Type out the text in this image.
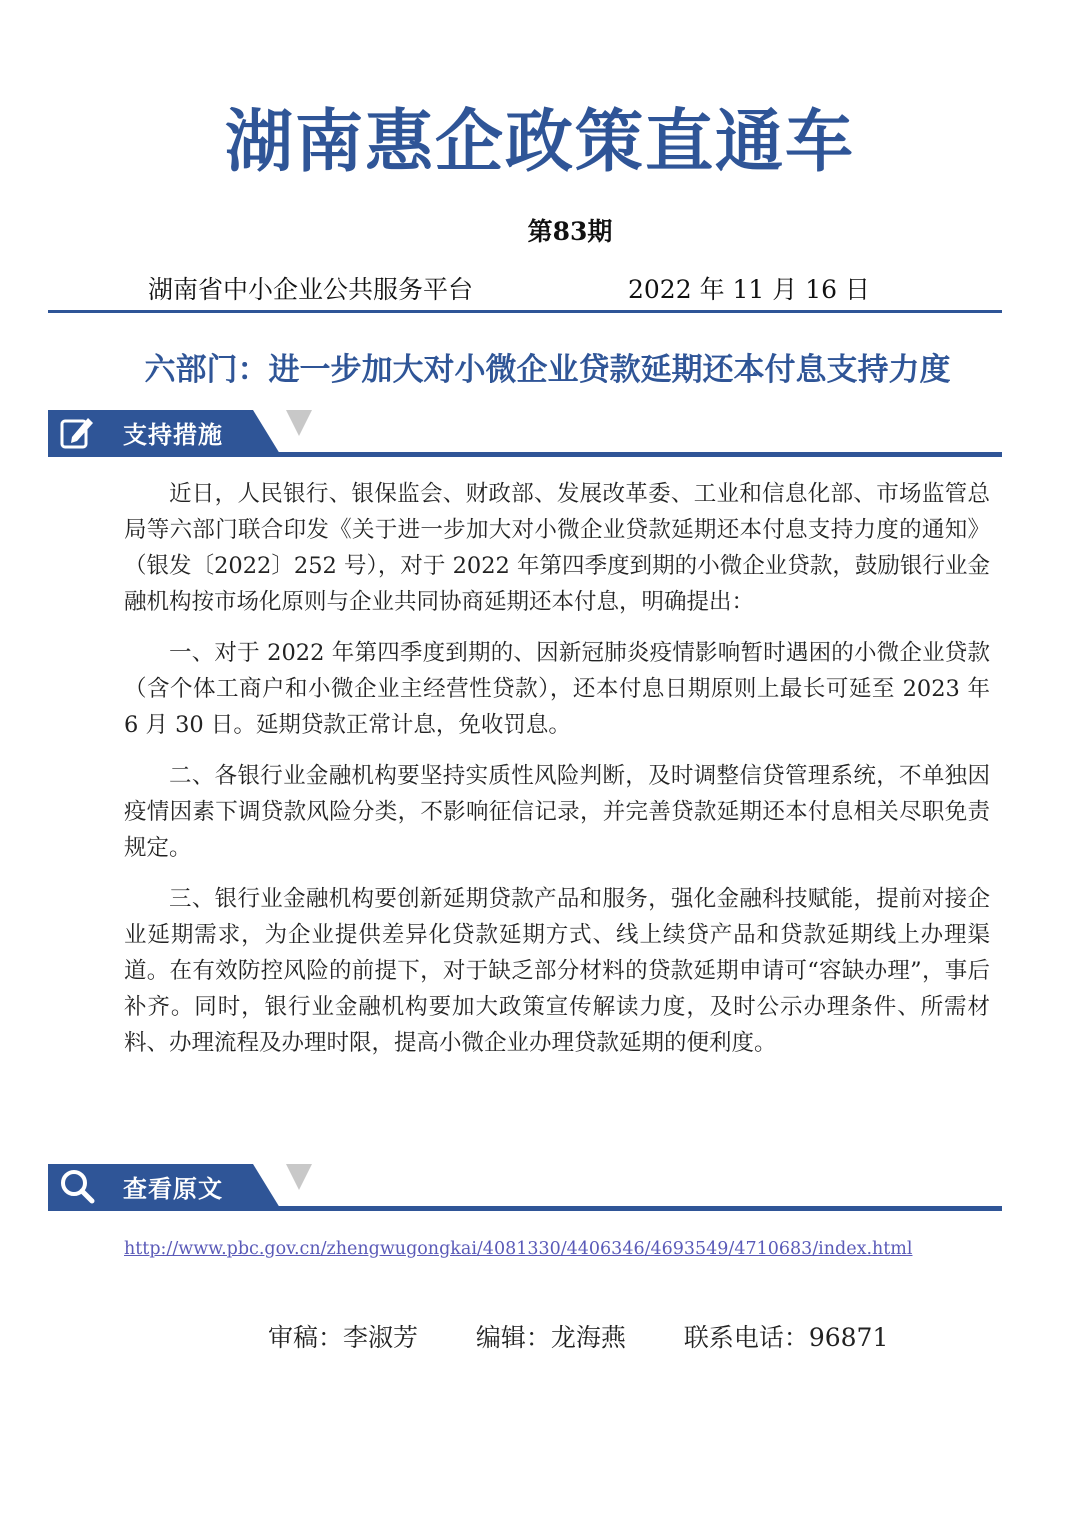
湖南惠企政策直通车
第83期
湖南省中小企业公共服务平台	2022 年 11 月 16 日
六部门：进一步加大对小微企业贷款延期还本付息支持力度
支持措施

近日，人民银行、银保监会、财政部、发展改革委、工业和信息化部、市场监管总局等六部门联合印发《关于进一步加大对小微企业贷款延期还本付息支持力度的通知》（银发〔2022〕252 号），对于 2022 年第四季度到期的小微企业贷款，鼓励银行业金融机构按市场化原则与企业共同协商延期还本付息，明确提出：

一、对于 2022 年第四季度到期的、因新冠肺炎疫情影响暂时遇困的小微企业贷款（含个体工商户和小微企业主经营性贷款），还本付息日期原则上最长可延至 2023 年 6 月 30 日。延期贷款正常计息，免收罚息。

二、各银行业金融机构要坚持实质性风险判断，及时调整信贷管理系统，不单独因疫情因素下调贷款风险分类，不影响征信记录，并完善贷款延期还本付息相关尽职免责规定。

三、银行业金融机构要创新延期贷款产品和服务，强化金融科技赋能，提前对接企业延期需求，为企业提供差异化贷款延期方式、线上续贷产品和贷款延期线上办理渠道。在有效防控风险的前提下，对于缺乏部分材料的贷款延期申请可“容缺办理”，事后补齐。同时，银行业金融机构要加大政策宣传解读力度，及时公示办理条件、所需材料、办理流程及办理时限，提高小微企业办理贷款延期的便利度。

查看原文
http://www.pbc.gov.cn/zhengwugongkai/4081330/4406346/4693549/4710683/index.html
审稿：李淑芳 编辑：龙海燕 联系电话：96871
